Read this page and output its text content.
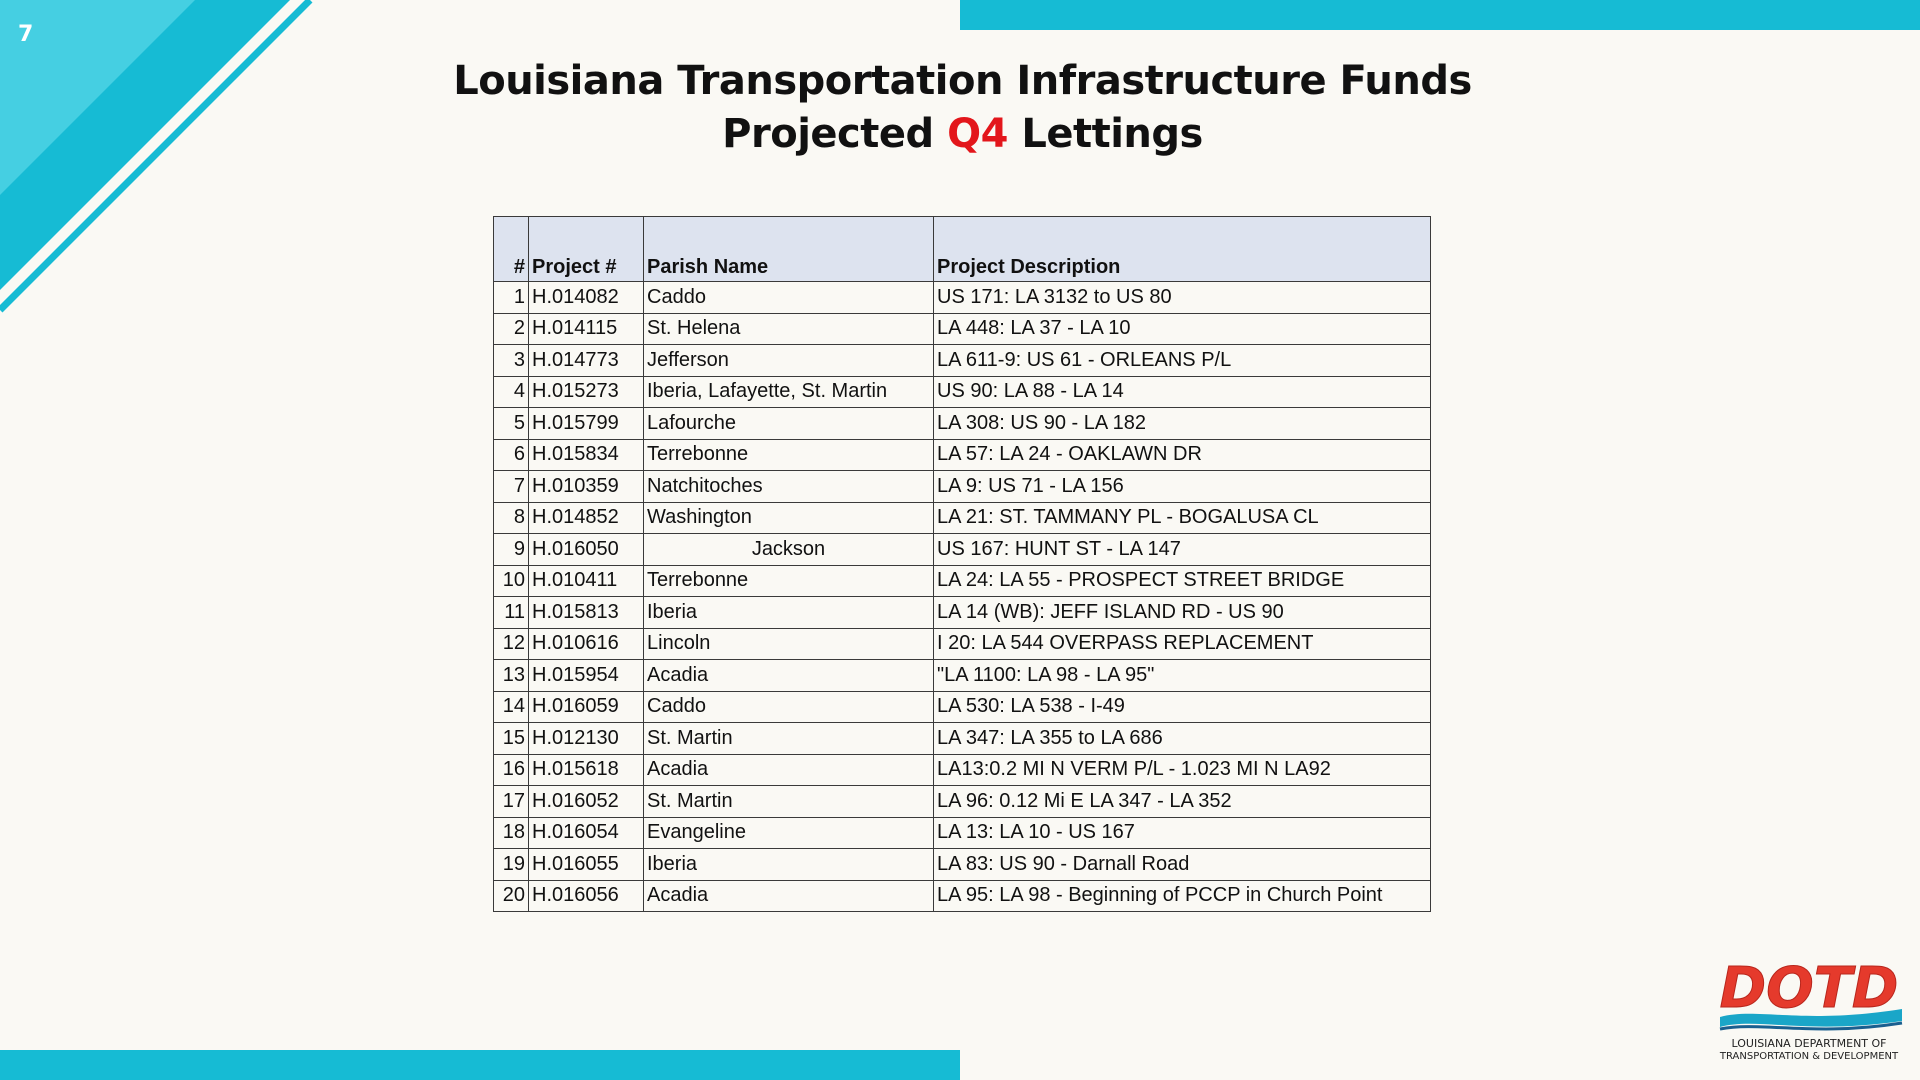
7
Louisiana Transportation Infrastructure Funds
Projected Q4 Lettings
#	Project #	Parish Name	Project Description
1	H.014082	Caddo	US 171: LA 3132 to US 80
2	H.014115	St. Helena	LA 448: LA 37 - LA 10
3	H.014773	Jefferson	LA 611-9: US 61 - ORLEANS P/L
4	H.015273	Iberia, Lafayette, St. Martin	US 90: LA 88 - LA 14
5	H.015799	Lafourche	LA 308: US 90 - LA 182
6	H.015834	Terrebonne	LA 57: LA 24 - OAKLAWN DR
7	H.010359	Natchitoches	LA 9: US 71 - LA 156
8	H.014852	Washington	LA 21: ST. TAMMANY PL - BOGALUSA CL
9	H.016050	Jackson	US 167: HUNT ST - LA 147
10	H.010411	Terrebonne	LA 24: LA 55 - PROSPECT STREET BRIDGE
11	H.015813	Iberia	LA 14 (WB): JEFF ISLAND RD - US 90
12	H.010616	Lincoln	I 20: LA 544 OVERPASS REPLACEMENT
13	H.015954	Acadia	"LA 1100: LA 98 - LA 95"
14	H.016059	Caddo	LA 530: LA 538 - I-49
15	H.012130	St. Martin	LA 347: LA 355 to LA 686
16	H.015618	Acadia	LA13:0.2 MI N VERM P/L - 1.023 MI N LA92
17	H.016052	St. Martin	LA 96: 0.12 Mi E LA 347 - LA 352
18	H.016054	Evangeline	LA 13: LA 10 - US 167
19	H.016055	Iberia	LA 83: US 90 - Darnall Road
20	H.016056	Acadia	LA 95: LA 98 - Beginning of PCCP in Church Point
DOTD
LOUISIANA DEPARTMENT OF
TRANSPORTATION & DEVELOPMENT
